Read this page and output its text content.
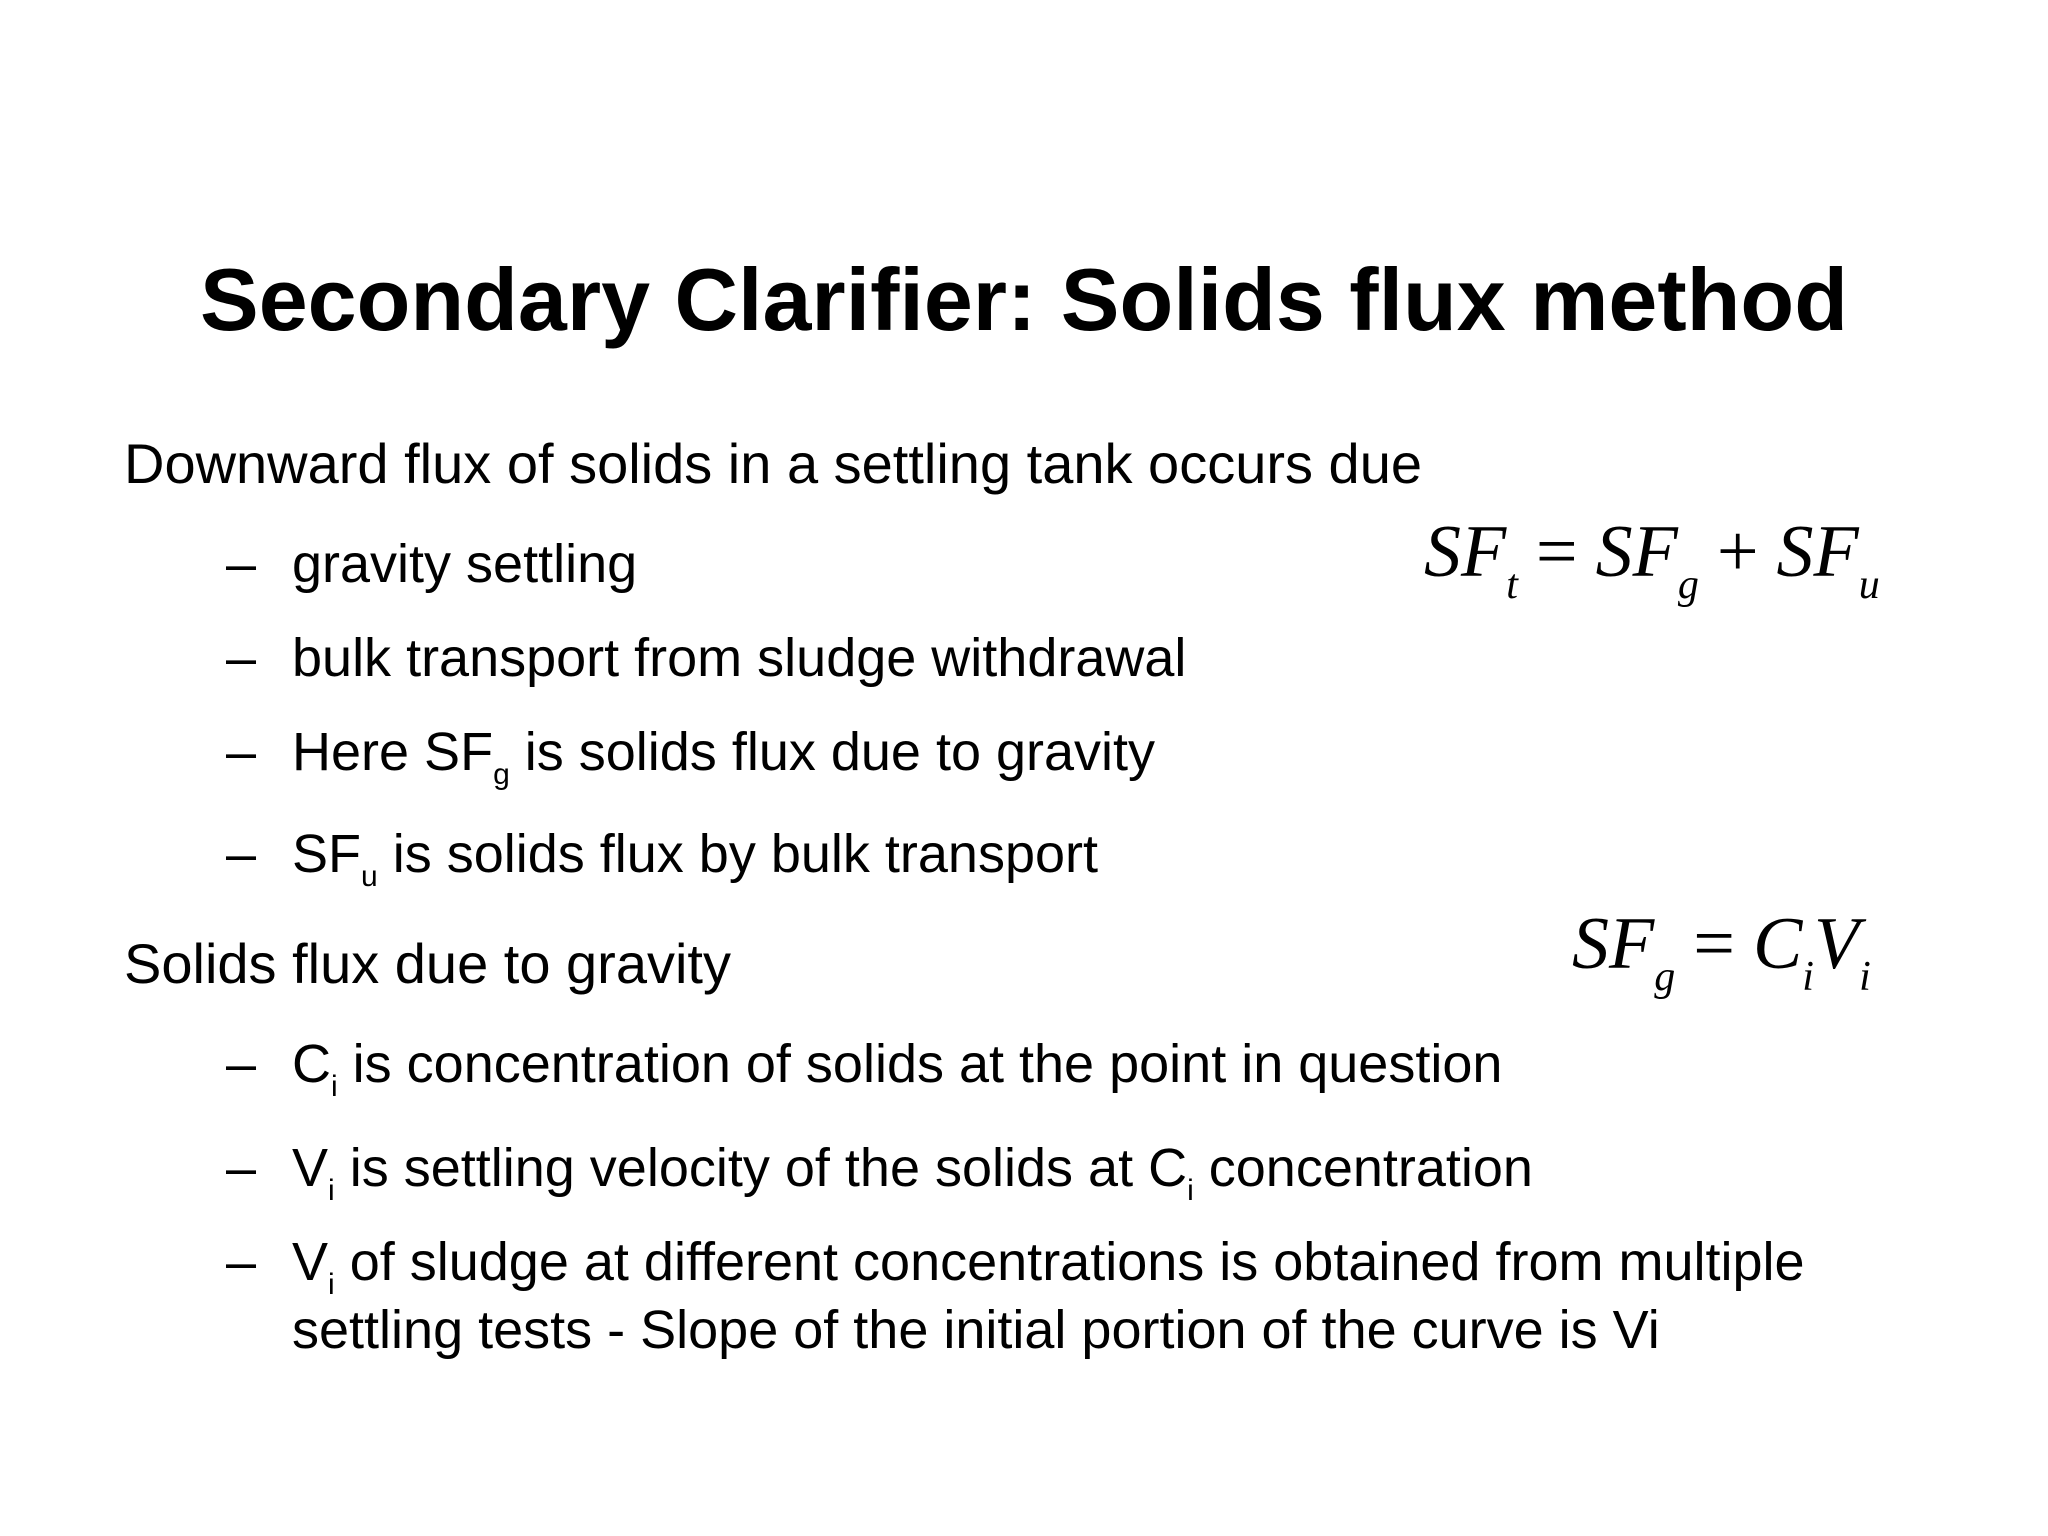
Secondary Clarifier: Solids flux method
Downward flux of solids in a settling tank occurs due
– gravity settling
– bulk transport from sludge withdrawal
– Here $SF_g$ is solids flux due to gravity
– $SF_u$ is solids flux by bulk transport
$SF_t = SF_g + SF_u$
Solids flux due to gravity	$SF_g = C_iV_i$
– $C_i$ is concentration of solids at the point in question
– $V_i$ is settling velocity of the solids at $C_i$ concentration
– $V_i$ of sludge at different concentrations is obtained from multiple
settling tests - Slope of the initial portion of the curve is Vi
